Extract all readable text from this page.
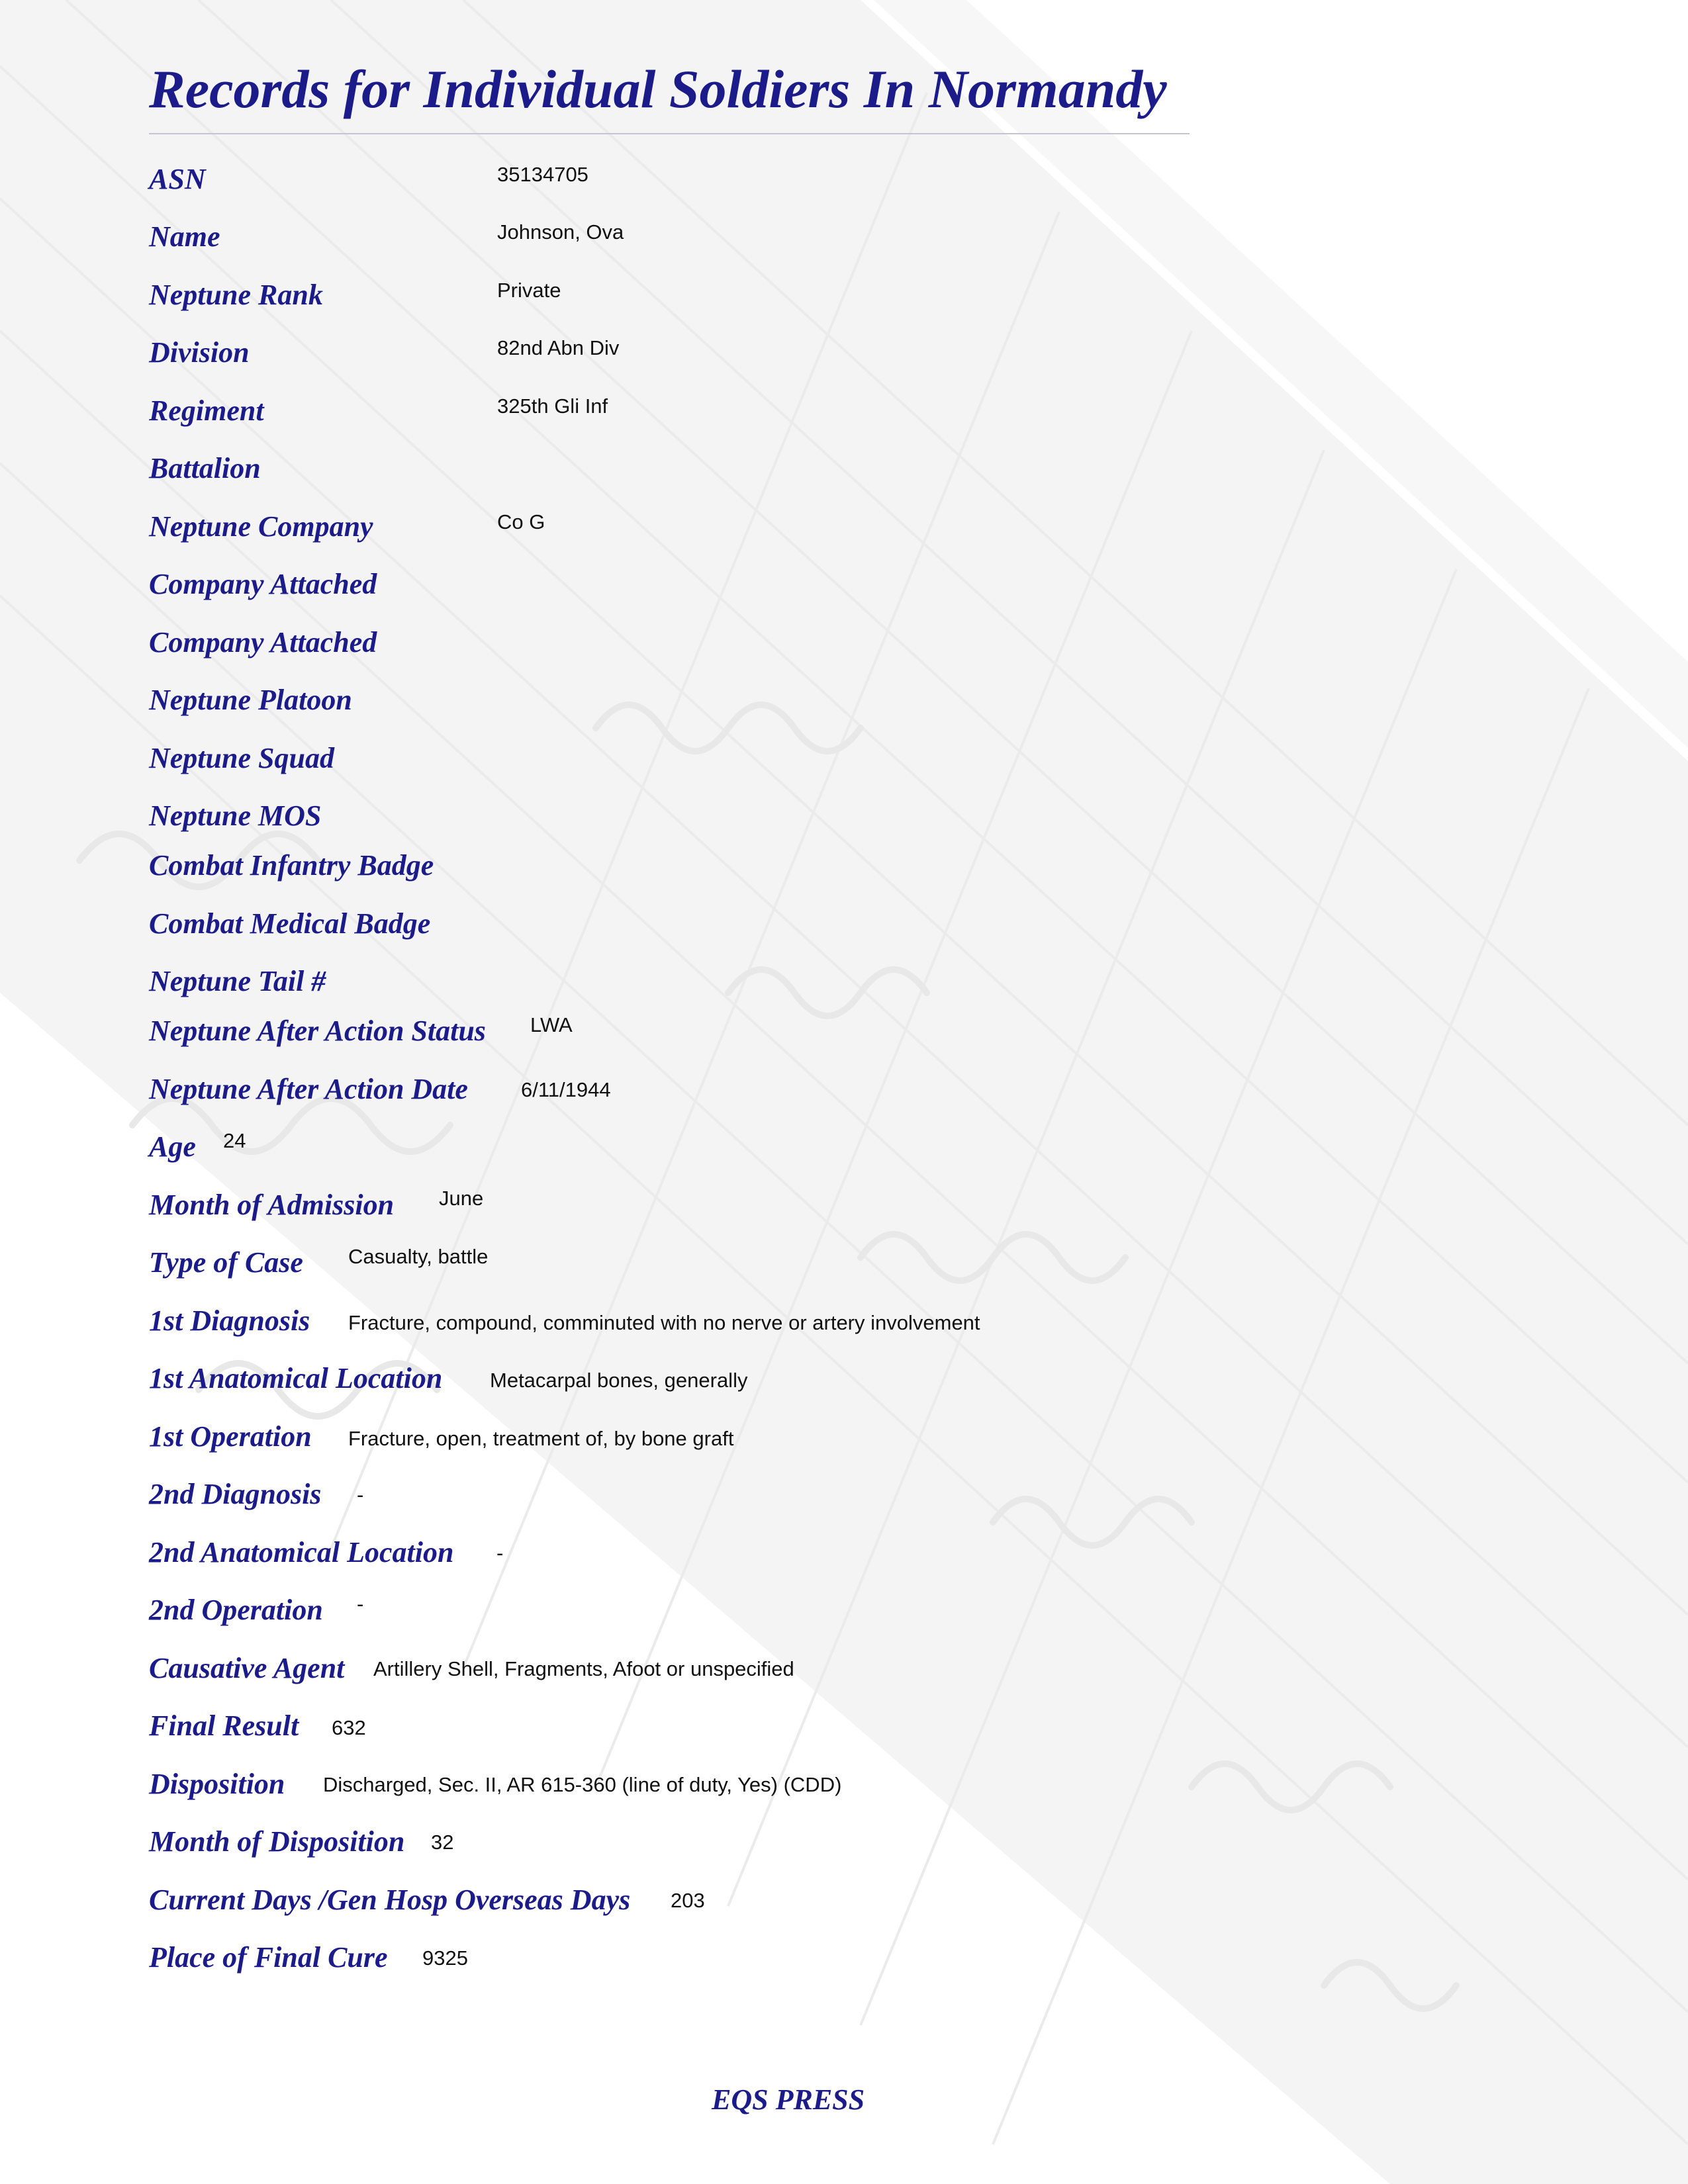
Records for Individual Soldiers In Normandy
ASN
Name
Neptune Rank
Division
Regiment
Battalion
Neptune Company
Company Attached
Company Attached
Neptune Platoon
Neptune Squad
Neptune MOS
Combat Infantry Badge
Combat Medical Badge
Neptune Tail #
Neptune After Action Status
Neptune After Action Date
Age
Month of Admission
Type of Case
1st Diagnosis
1st Anatomical Location
1st Operation
2nd Diagnosis
2nd Anatomical Location
2nd Operation
Causative Agent
Final Result
Disposition
Month of Disposition
Current Days /Gen Hosp Overseas Days
Place of Final Cure
35134705
Johnson, Ova
Private
82nd Abn Div
325th Gli Inf
Co G
LWA
6/11/1944
24
June
Casualty, battle
Fracture, compound, comminuted with no nerve or artery involvement
Metacarpal bones, generally
Fracture, open, treatment of, by bone graft
-
-
-
Artillery Shell, Fragments, Afoot or unspecified
632
Discharged, Sec. II, AR 615-360 (line of duty, Yes) (CDD)
32
203
9325
EQS PRESS
